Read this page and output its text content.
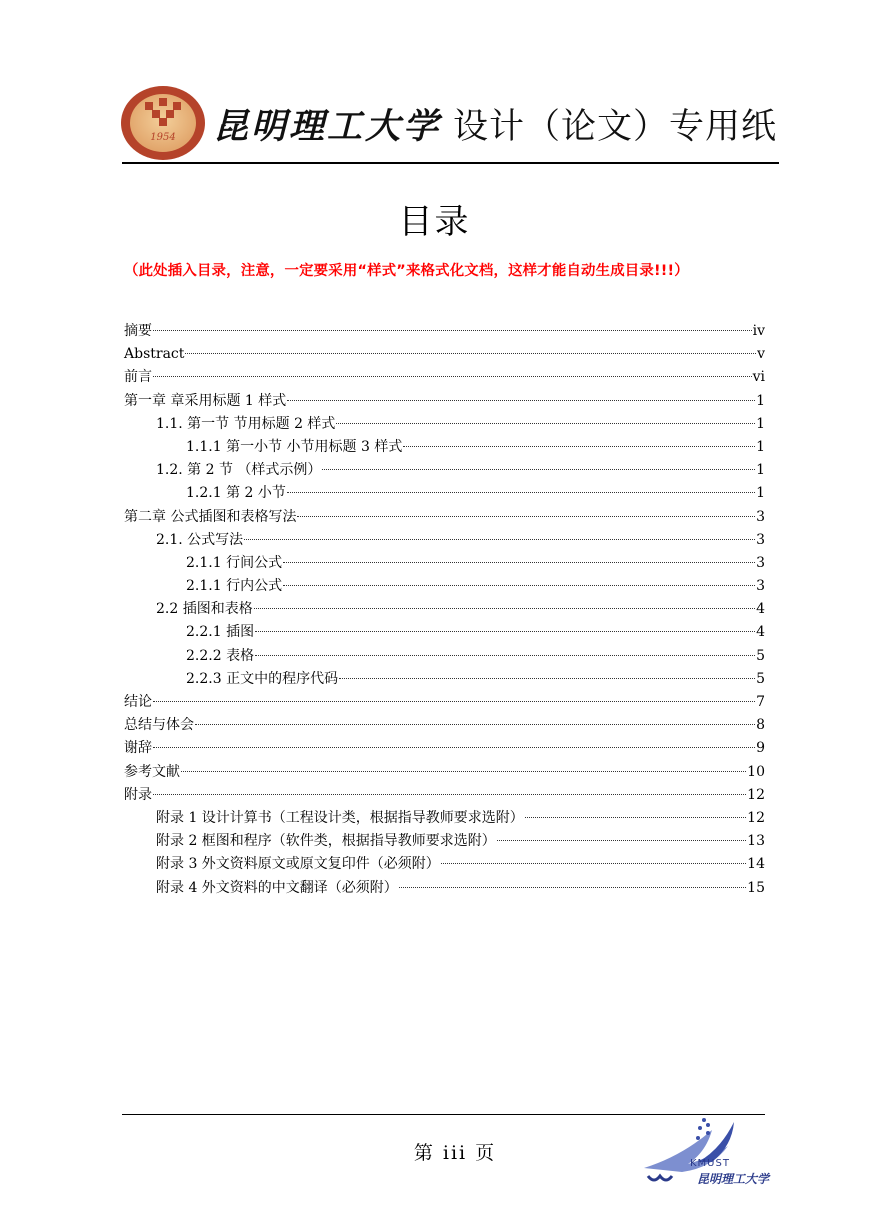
1954 昆明理工大学 设计（论文）专用纸
目录
（此处插入目录，注意，一定要采用“样式”来格式化文档，这样才能自动生成目录!!!）
摘要	iv
Abstract	v
前言	vi
第一章 章采用标题 1 样式	1
1.1. 第一节 节用标题 2 样式	1
1.1.1 第一小节 小节用标题 3 样式	1
1.2. 第 2 节 （样式示例）	1
1.2.1 第 2 小节	1
第二章 公式插图和表格写法	3
2.1. 公式写法	3
2.1.1 行间公式	3
2.1.1 行内公式	3
2.2 插图和表格	4
2.2.1 插图	4
2.2.2 表格	5
2.2.3 正文中的程序代码	5
结论	7
总结与体会	8
谢辞	9
参考文献	10
附录	12
附录 1 设计计算书（工程设计类，根据指导教师要求选附）	12
附录 2 框图和程序（软件类，根据指导教师要求选附）	13
附录 3 外文资料原文或原文复印件（必须附）	14
附录 4 外文资料的中文翻译（必须附）	15
第 iii 页	KMUST
昆明理工大学
